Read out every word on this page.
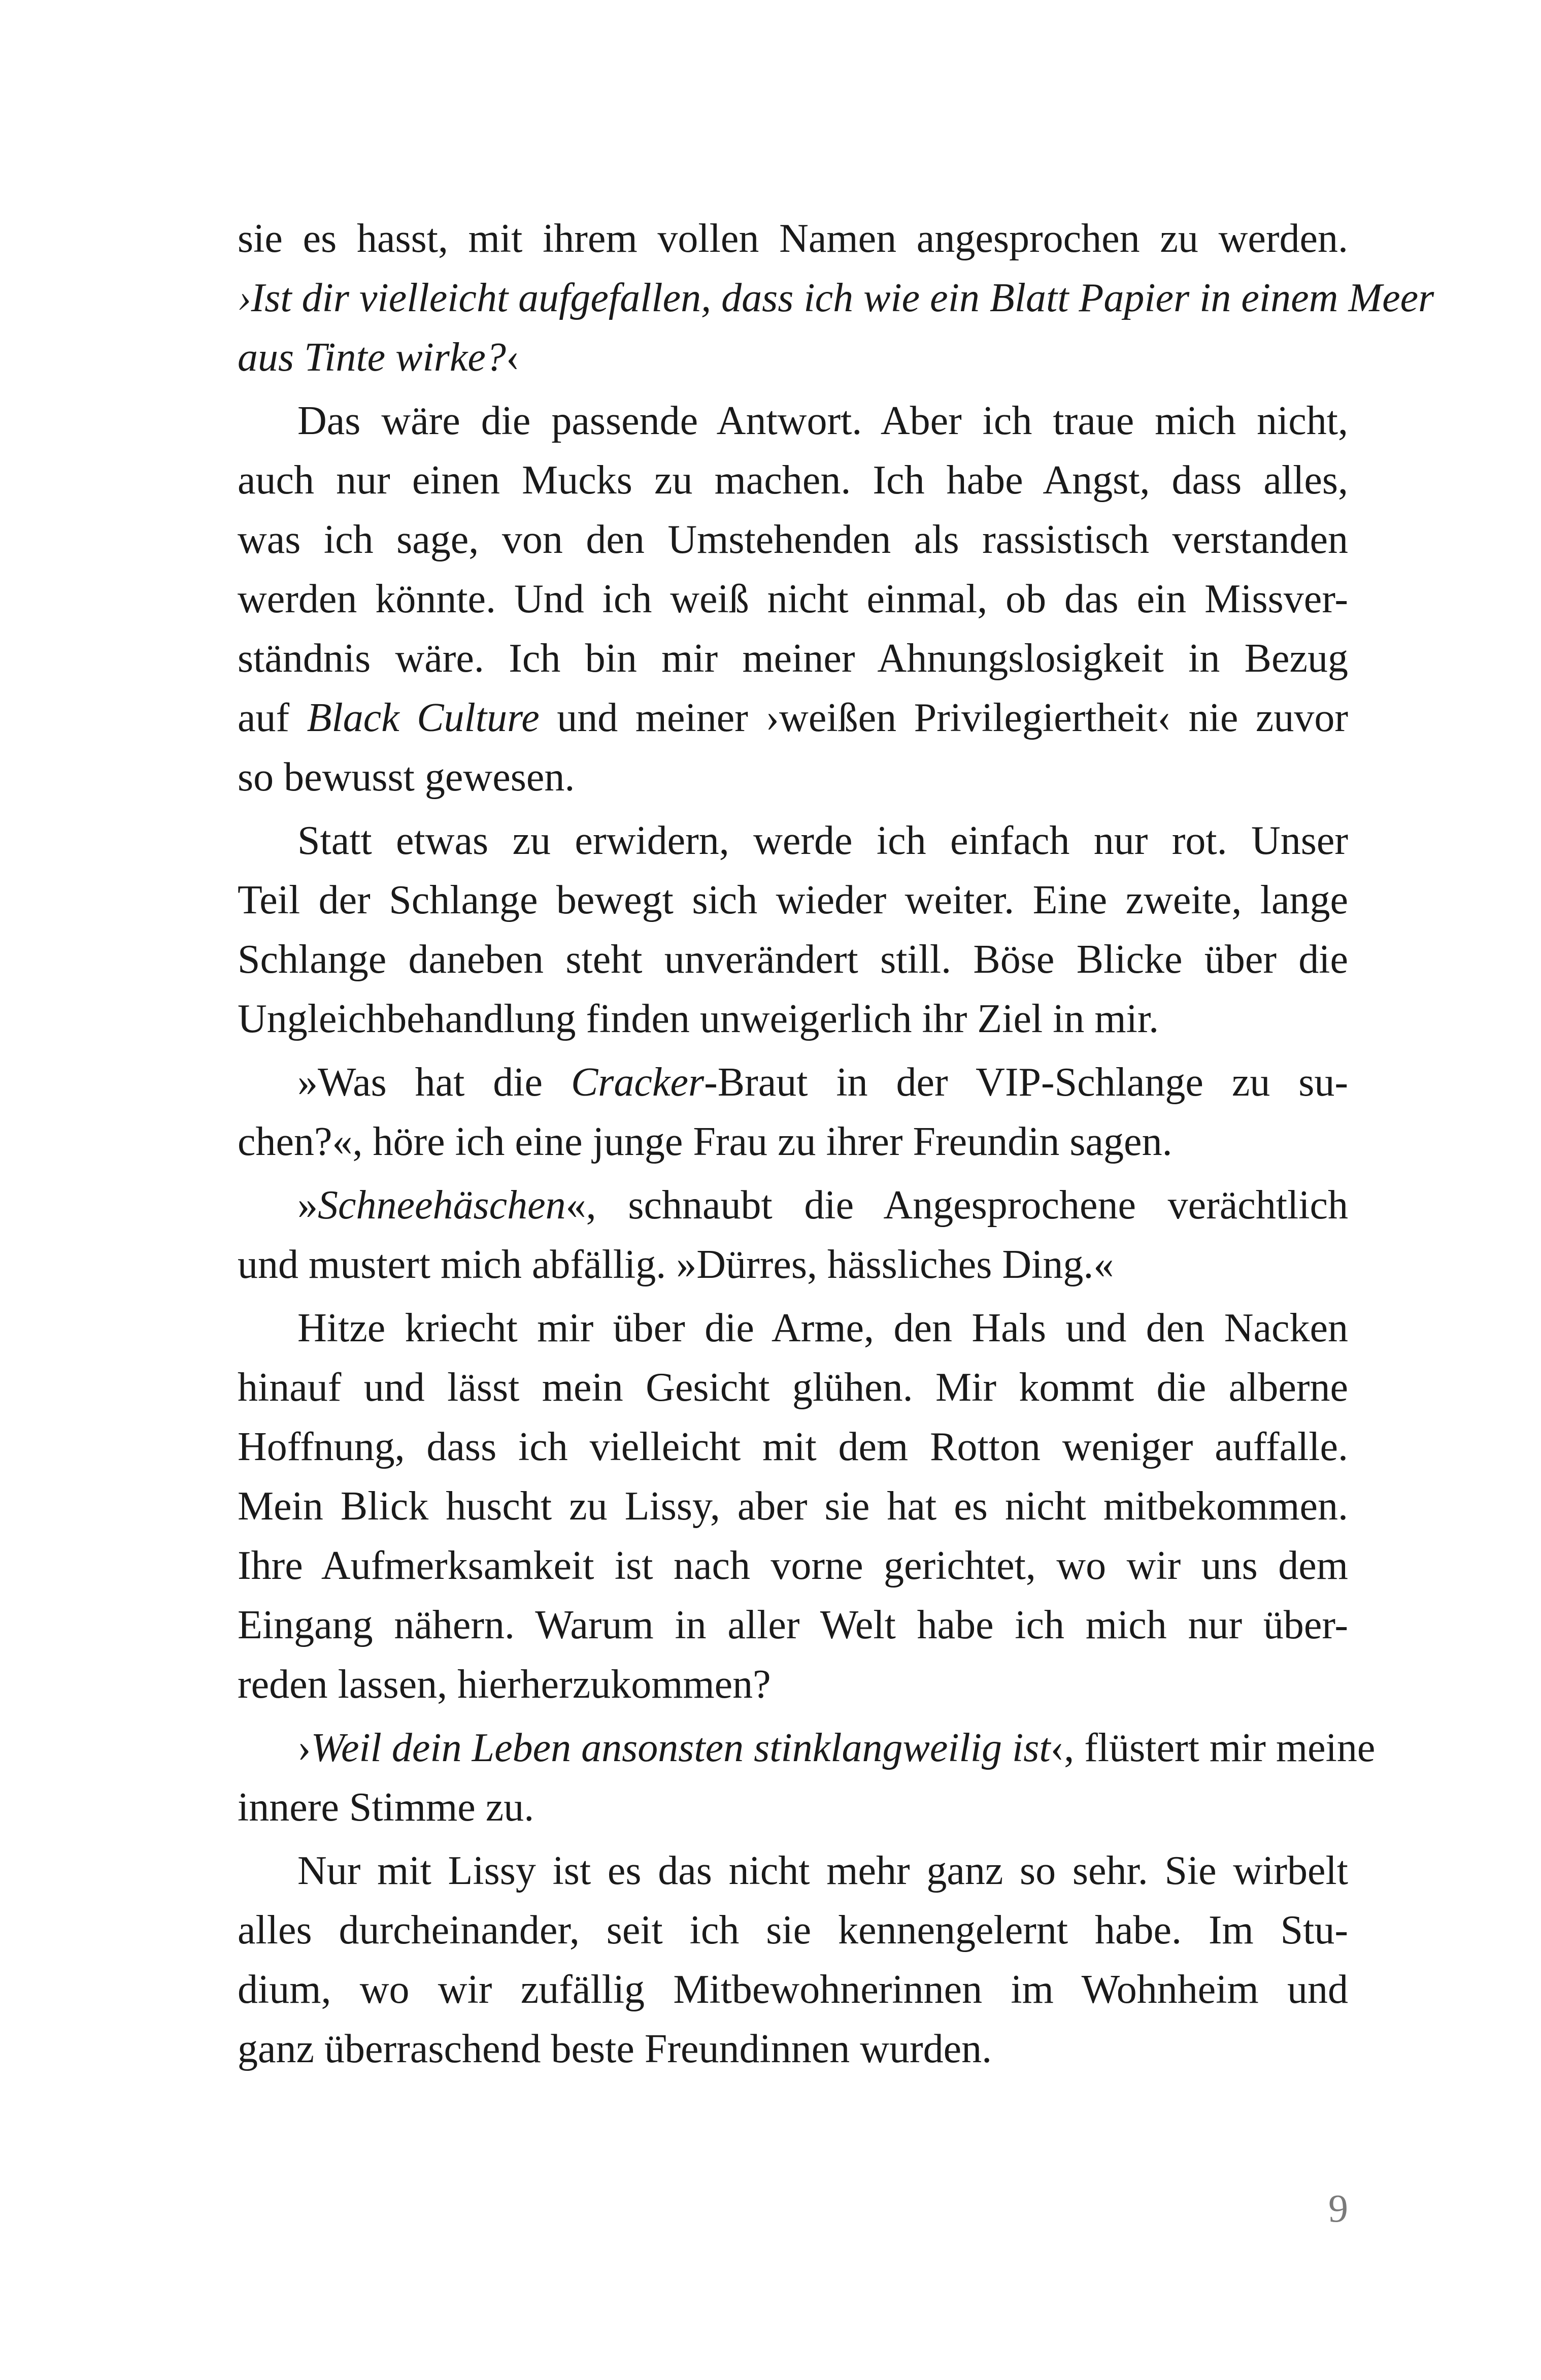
sie es hasst, mit ihrem vollen Namen angesprochen zu werden.
›Ist dir vielleicht aufgefallen, dass ich wie ein Blatt Papier in einem Meer
aus Tinte wirke?‹
Das wäre die passende Antwort. Aber ich traue mich nicht,
auch nur einen Mucks zu machen. Ich habe Angst, dass alles,
was ich sage, von den Umstehenden als rassistisch verstanden
werden könnte. Und ich weiß nicht einmal, ob das ein Missver-
ständnis wäre. Ich bin mir meiner Ahnungslosigkeit in Bezug
auf Black Culture und meiner ›weißen Privilegiertheit‹ nie zuvor
so bewusst gewesen.
Statt etwas zu erwidern, werde ich einfach nur rot. Unser
Teil der Schlange bewegt sich wieder weiter. Eine zweite, lange
Schlange daneben steht unverändert still. Böse Blicke über die
Ungleichbehandlung finden unweigerlich ihr Ziel in mir.
»Was hat die Cracker-Braut in der VIP-Schlange zu su-
chen?«, höre ich eine junge Frau zu ihrer Freundin sagen.
»Schneehäschen«, schnaubt die Angesprochene verächtlich
und mustert mich abfällig. »Dürres, hässliches Ding.«
Hitze kriecht mir über die Arme, den Hals und den Nacken
hinauf und lässt mein Gesicht glühen. Mir kommt die alberne
Hoffnung, dass ich vielleicht mit dem Rotton weniger auffalle.
Mein Blick huscht zu Lissy, aber sie hat es nicht mitbekommen.
Ihre Aufmerksamkeit ist nach vorne gerichtet, wo wir uns dem
Eingang nähern. Warum in aller Welt habe ich mich nur über-
reden lassen, hierherzukommen?
›Weil dein Leben ansonsten stinklangweilig ist‹, flüstert mir meine
innere Stimme zu.
Nur mit Lissy ist es das nicht mehr ganz so sehr. Sie wirbelt
alles durcheinander, seit ich sie kennengelernt habe. Im Stu-
dium, wo wir zufällig Mitbewohnerinnen im Wohnheim und
ganz überraschend beste Freundinnen wurden.
9
